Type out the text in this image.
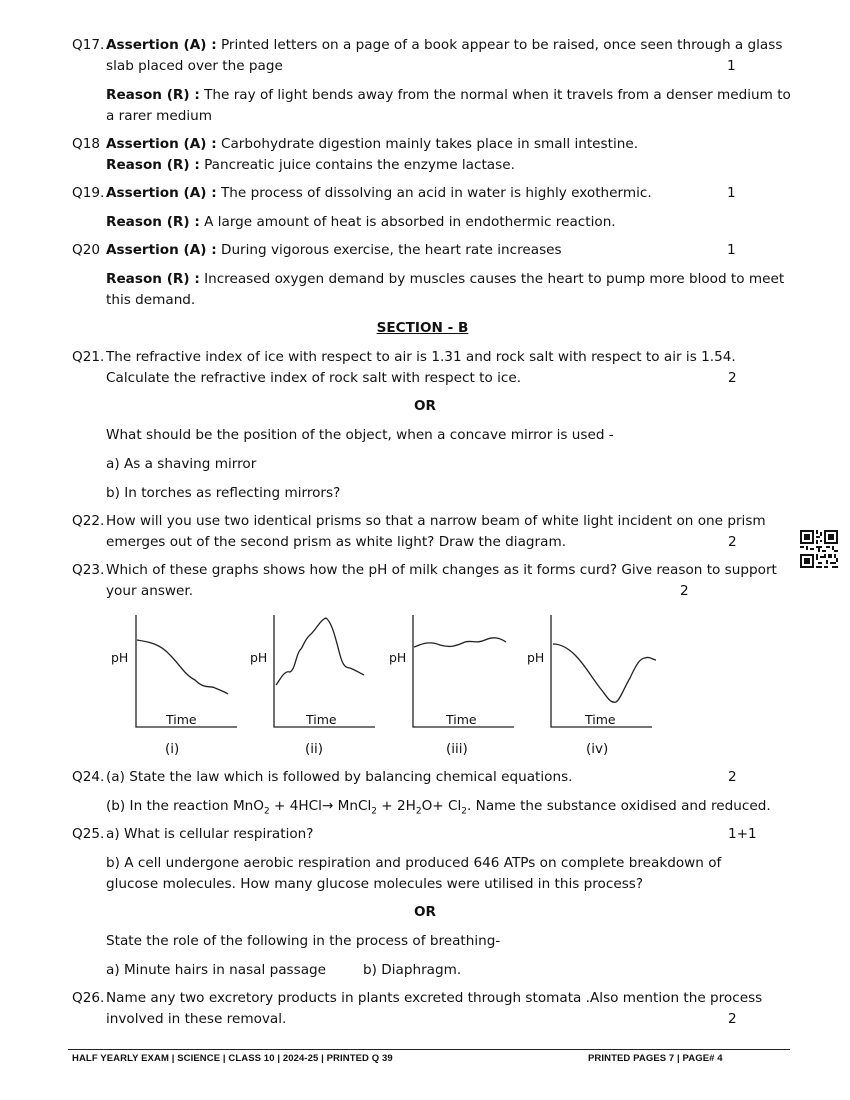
Q17. Assertion (A) : Printed letters on a page of a book appear to be raised, once seen through a glass
slab placed over the page	1
Reason (R) : The ray of light bends away from the normal when it travels from a denser medium to
a rarer medium
Q18 Assertion (A) : Carbohydrate digestion mainly takes place in small intestine.
Reason (R) : Pancreatic juice contains the enzyme lactase.
Q19. Assertion (A) : The process of dissolving an acid in water is highly exothermic.	1
Reason (R) : A large amount of heat is absorbed in endothermic reaction.
Q20 Assertion (A) : During vigorous exercise, the heart rate increases	1
Reason (R) : Increased oxygen demand by muscles causes the heart to pump more blood to meet
this demand.
SECTION - B
Q21. The refractive index of ice with respect to air is 1.31 and rock salt with respect to air is 1.54.
Calculate the refractive index of rock salt with respect to ice.	2
OR
What should be the position of the object, when a concave mirror is used -
a) As a shaving mirror
b) In torches as reflecting mirrors?
Q22. How will you use two identical prisms so that a narrow beam of white light incident on one prism
emerges out of the second prism as white light? Draw the diagram.	2
Q23. Which of these graphs shows how the pH of milk changes as it forms curd? Give reason to support
your answer.	2
pH	pH	pH	pH
Time	Time	Time	Time
(i)	(ii)	(iii)	(iv)
Q24. (a) State the law which is followed by balancing chemical equations.	2
(b) In the reaction MnO$_2$ + 4HCl→ MnCl$_2$ + $2H_2O+ Cl_2$. Name the substance oxidised and reduced.
Q25. a) What is cellular respiration?	1+1
b) A cell undergone aerobic respiration and produced 646 ATPs on complete breakdown of
glucose molecules. How many glucose molecules were utilised in this process?
OR
State the role of the following in the process of breathing-
a) Minute hairs in nasal passage	b) Diaphragm.
Q26. Name any two excretory products in plants excreted through stomata .Also mention the process
involved in these removal.	2
HALF YEARLY EXAM | SCIENCE | CLASS 10 | 2024-25 | PRINTED Q 39	PRINTED PAGES 7 | PAGE# 4
